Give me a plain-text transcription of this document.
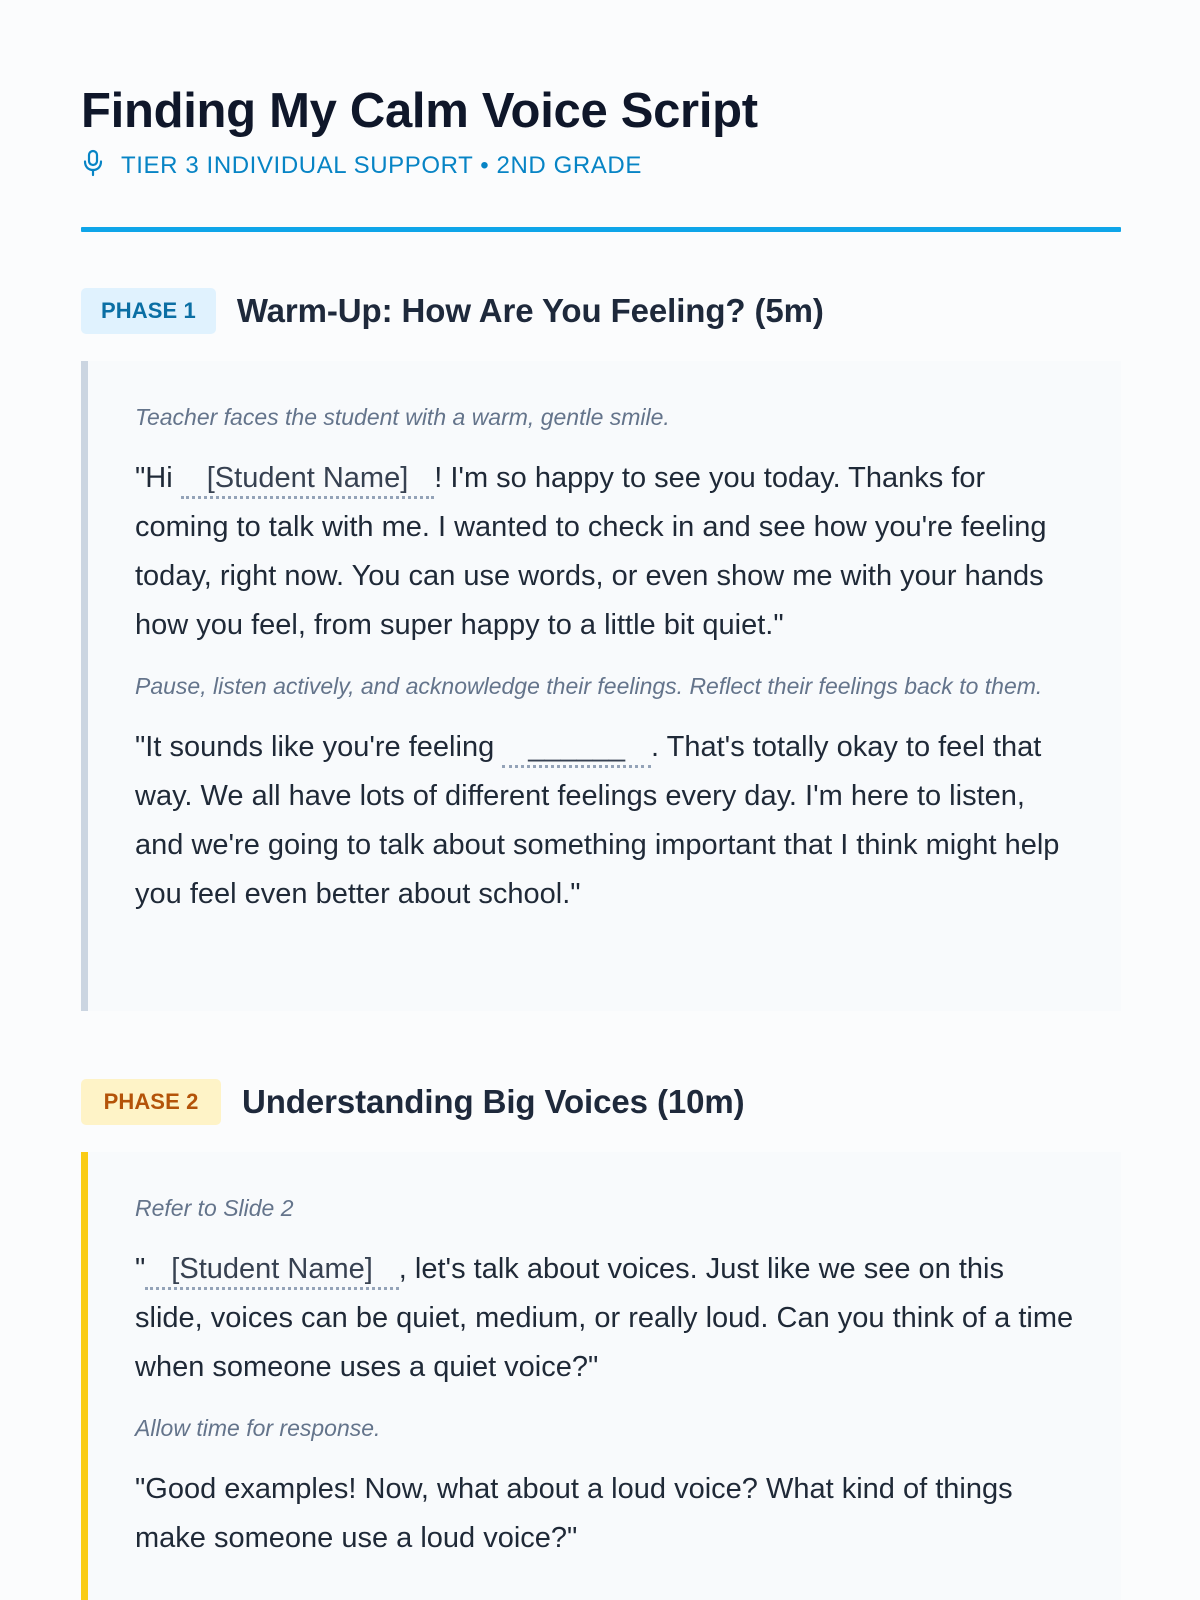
Finding My Calm Voice Script
TIER 3 INDIVIDUAL SUPPORT • 2ND GRADE
PHASE 1	Warm-Up: How Are You Feeling? (5m)

Teacher faces the student with a warm, gentle smile.

"Hi [Student Name] ! I'm so happy to see you today. Thanks for coming to talk with me. I wanted to check in and see how you're feeling today, right now. You can use words, or even show me with your hands how you feel, from super happy to a little bit quiet."

Pause, listen actively, and acknowledge their feelings. Reflect their feelings back to them.

"It sounds like you're feeling ______ . That's totally okay to feel that way. We all have lots of different feelings every day. I'm here to listen, and we're going to talk about something important that I think might help you feel even better about school."

PHASE 2	Understanding Big Voices (10m)

Refer to Slide 2

" [Student Name] , let's talk about voices. Just like we see on this slide, voices can be quiet, medium, or really loud. Can you think of a time when someone uses a quiet voice?"

Allow time for response.

"Good examples! Now, what about a loud voice? What kind of things make someone use a loud voice?"
